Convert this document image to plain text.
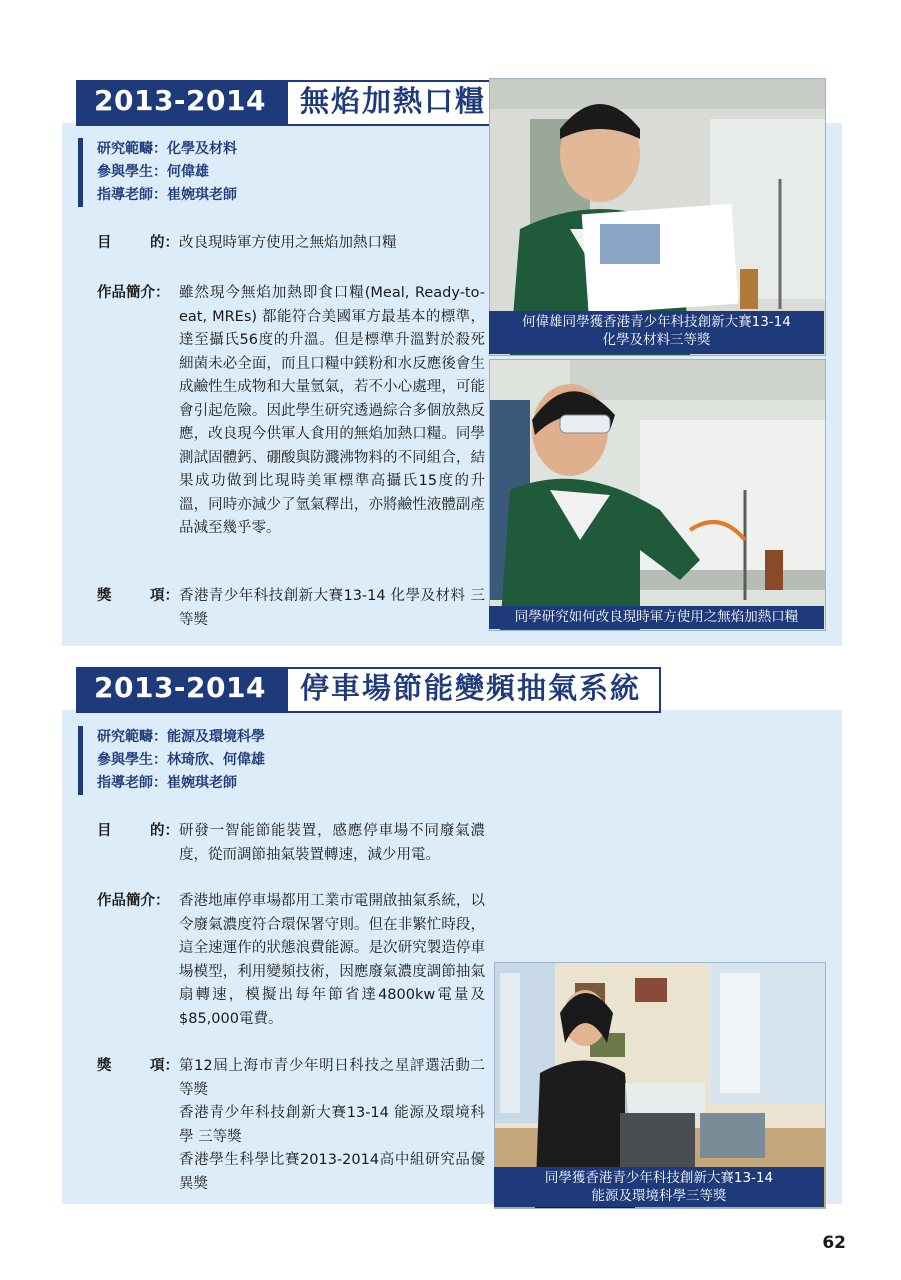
2013-2014	無焰加熱口糧
研究範疇：化學及材料
參與學生：何偉雄
指導老師：崔婉琪老師
目	的： 改良現時軍方使用之無焰加熱口糧
作品簡介： 雖然現今無焰加熱即食口糧(Meal, Ready-to-eat, MREs) 都能符合美國軍方最基本的標準，達至攝氏56度的升溫。但是標準升溫對於殺死細菌未必全面，而且口糧中鎂粉和水反應後會生成鹼性生成物和大量氫氣，若不小心處理，可能會引起危險。因此學生研究透過綜合多個放熱反應，改良現今供軍人食用的無焰加熱口糧。同學測試固體鈣、硼酸與防濺沸物料的不同組合，結果成功做到比現時美軍標準高攝氏15度的升溫，同時亦減少了氫氣釋出，亦將鹼性液體副產品減至幾乎零。
獎	項： 香港青少年科技創新大賽13-14 化學及材料 三等獎
何偉雄同學獲香港青少年科技創新大賽13-14
化學及材料三等獎
同學研究如何改良現時軍方使用之無焰加熱口糧
2013-2014	停車場節能變頻抽氣系統
研究範疇：能源及環境科學
參與學生：林琦欣、何偉雄
指導老師：崔婉琪老師
目	的： 研發一智能節能裝置，感應停車場不同廢氣濃度，從而調節抽氣裝置轉速，減少用電。
作品簡介： 香港地庫停車場都用工業市電開啟抽氣系統，以令廢氣濃度符合環保署守則。但在非繁忙時段，這全速運作的狀態浪費能源。是次研究製造停車場模型，利用變頻技術，因應廢氣濃度調節抽氣扇轉速，模擬出每年節省達4800kw電量及$85,000電費。
獎	項： 第12屆上海市青少年明日科技之星評選活動二等獎
香港青少年科技創新大賽13-14 能源及環境科學 三等獎
香港學生科學比賽2013-2014高中組研究品優異獎	同學獲香港青少年科技創新大賽13-14
能源及環境科學三等獎
62
